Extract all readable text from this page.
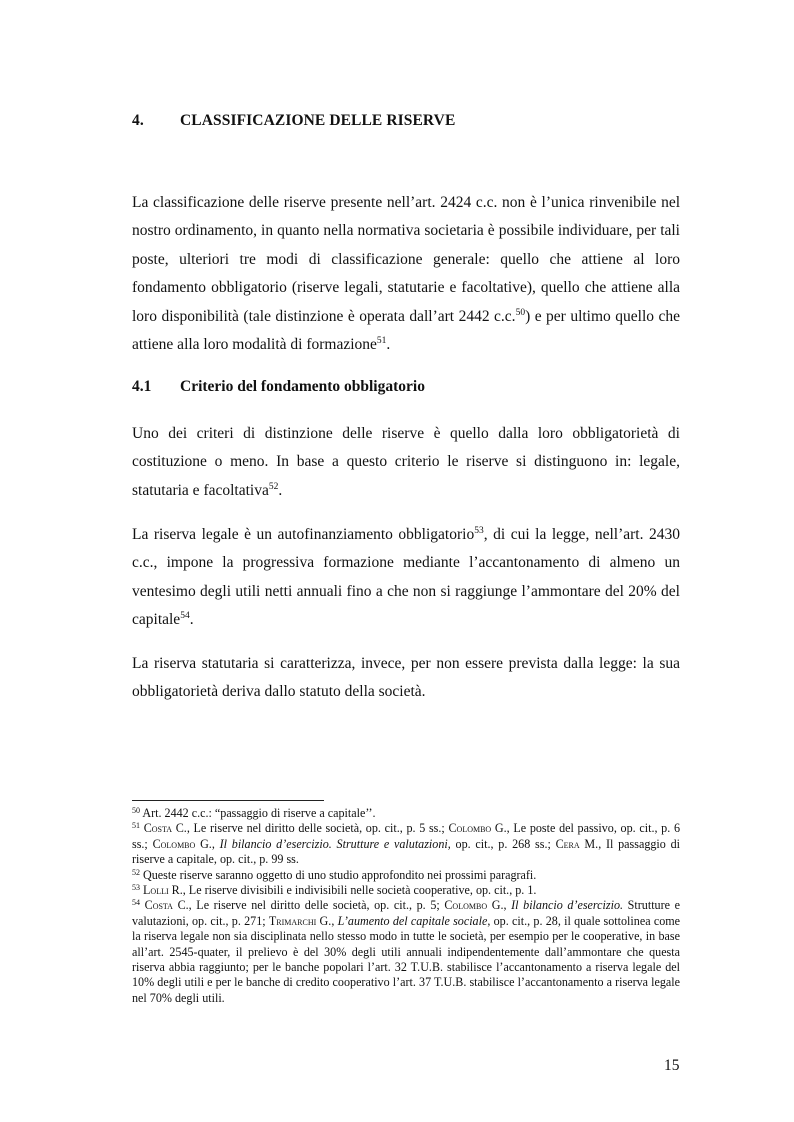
4. CLASSIFICAZIONE DELLE RISERVE

La classificazione delle riserve presente nell’art. 2424 c.c. non è l’unica rinvenibile nel nostro ordinamento, in quanto nella normativa societaria è possibile individuare, per tali poste, ulteriori tre modi di classificazione generale: quello che attiene al loro fondamento obbligatorio (riserve legali, statutarie e facoltative), quello che attiene alla loro disponibilità (tale distinzione è operata dall’art 2442 c.c.$^{50}$) e per ultimo quello che attiene alla loro modalità di formazione$^{51}$.

4.1 Criterio del fondamento obbligatorio

Uno dei criteri di distinzione delle riserve è quello dalla loro obbligatorietà di costituzione o meno. In base a questo criterio le riserve si distinguono in: legale, statutaria e facoltativa$^{52}$.

La riserva legale è un autofinanziamento obbligatorio$^{53}$, di cui la legge, nell’art. 2430 c.c., impone la progressiva formazione mediante l’accantonamento di almeno un ventesimo degli utili netti annuali fino a che non si raggiunge l’ammontare del 20% del capitale$^{54}$.

La riserva statutaria si caratterizza, invece, per non essere prevista dalla legge: la sua obbligatorietà deriva dallo statuto della società.

$^{50}$ Art. 2442 c.c.: “passaggio di riserve a capitale’’.

$^{51}$ Costa C., Le riserve nel diritto delle società, op. cit., p. 5 ss.; Colombo G., Le poste del passivo, op. cit., p. 6 ss.; Colombo G., Il bilancio d’esercizio. Strutture e valutazioni, op. cit., p. 268 ss.; Cera M., Il passaggio di riserve a capitale, op. cit., p. 99 ss.

$^{52}$ Queste riserve saranno oggetto di uno studio approfondito nei prossimi paragrafi.

$^{53}$ Lolli R., Le riserve divisibili e indivisibili nelle società cooperative, op. cit., p. 1.

$^{54}$ Costa C., Le riserve nel diritto delle società, op. cit., p. 5; Colombo G., Il bilancio d’esercizio. Strutture e valutazioni, op. cit., p. 271; Trimarchi G., L’aumento del capitale sociale, op. cit., p. 28, il quale sottolinea come la riserva legale non sia disciplinata nello stesso modo in tutte le società, per esempio per le cooperative, in base all’art. 2545-quater, il prelievo è del 30% degli utili annuali indipendentemente dall’ammontare che questa riserva abbia raggiunto; per le banche popolari l’art. 32 T.U.B. stabilisce l’accantonamento a riserva legale del 10% degli utili e per le banche di credito cooperativo l’art. 37 T.U.B. stabilisce l’accantonamento a riserva legale nel 70% degli utili.

15
